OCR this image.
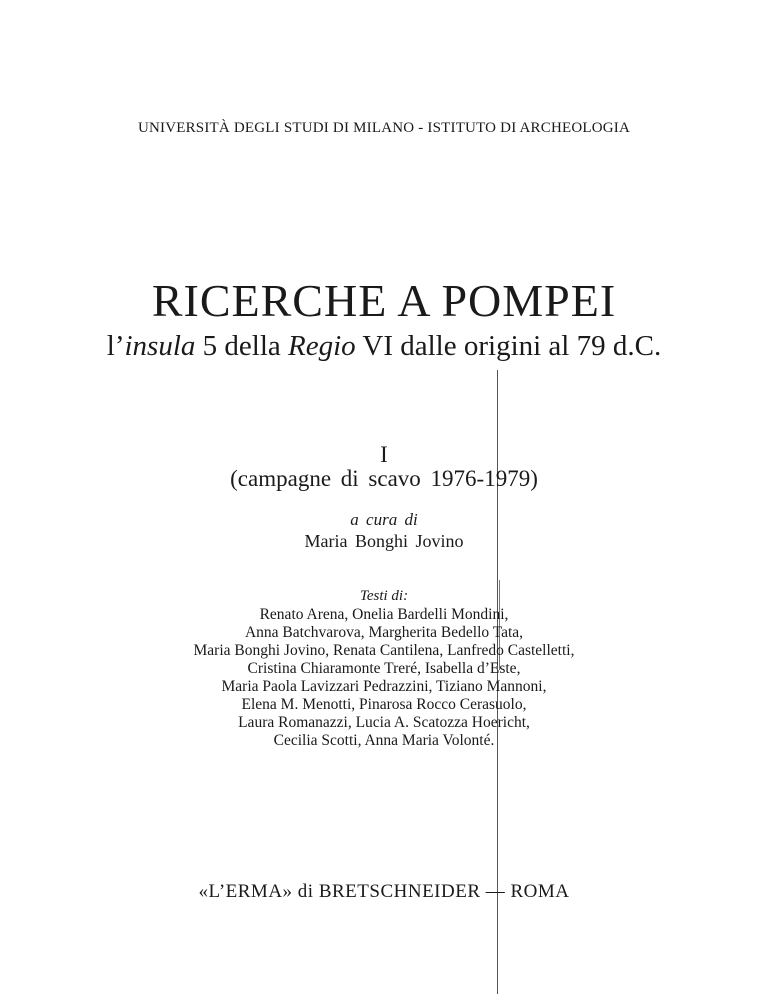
UNIVERSITÀ DEGLI STUDI DI MILANO - ISTITUTO DI ARCHEOLOGIA
RICERCHE A POMPEI
l’insula 5 della Regio VI dalle origini al 79 d.C.
I
(campagne di scavo 1976-1979)
a cura di
Maria Bonghi Jovino
Testi di:
Renato Arena, Onelia Bardelli Mondini,
Anna Batchvarova, Margherita Bedello Tata,
Maria Bonghi Jovino, Renata Cantilena, Lanfredo Castelletti,
Cristina Chiaramonte Treré, Isabella d’Este,
Maria Paola Lavizzari Pedrazzini, Tiziano Mannoni,
Elena M. Menotti, Pinarosa Rocco Cerasuolo,
Laura Romanazzi, Lucia A. Scatozza Hoericht,
Cecilia Scotti, Anna Maria Volonté.
«L’ERMA» di BRETSCHNEIDER — ROMA
